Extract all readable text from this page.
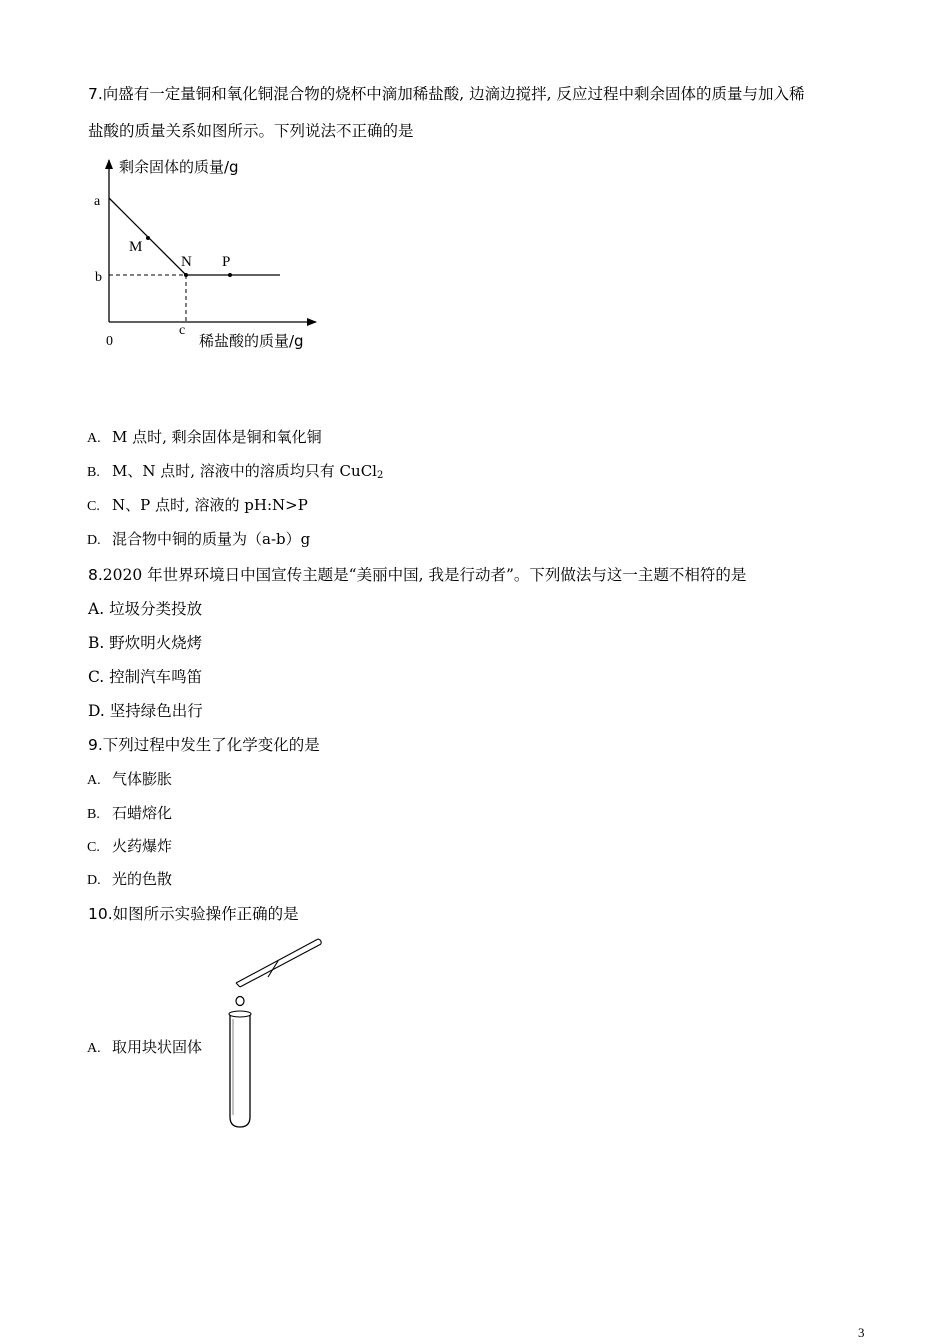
7.向盛有一定量铜和氧化铜混合物的烧杯中滴加稀盐酸, 边滴边搅拌, 反应过程中剩余固体的质量与加入稀
盐酸的质量关系如图所示。下列说法不正确的是
剩余固体的质量/g
稀盐酸的质量/g
a
b
c
0
M
N P
A. M 点时, 剩余固体是铜和氧化铜
B. M、N 点时, 溶液中的溶质均只有 CuCl$_2$
C. N、P 点时, 溶液的 pH:N>P
D. 混合物中铜的质量为（a-b）g
8.2020 年世界环境日中国宣传主题是“美丽中国, 我是行动者”。下列做法与这一主题不相符的是
A. 垃圾分类投放
B. 野炊明火烧烤
C. 控制汽车鸣笛
D. 坚持绿色出行
9.下列过程中发生了化学变化的是
A. 气体膨胀
B. 石蜡熔化
C. 火药爆炸
D. 光的色散
10.如图所示实验操作正确的是
A. 取用块状固体
3
